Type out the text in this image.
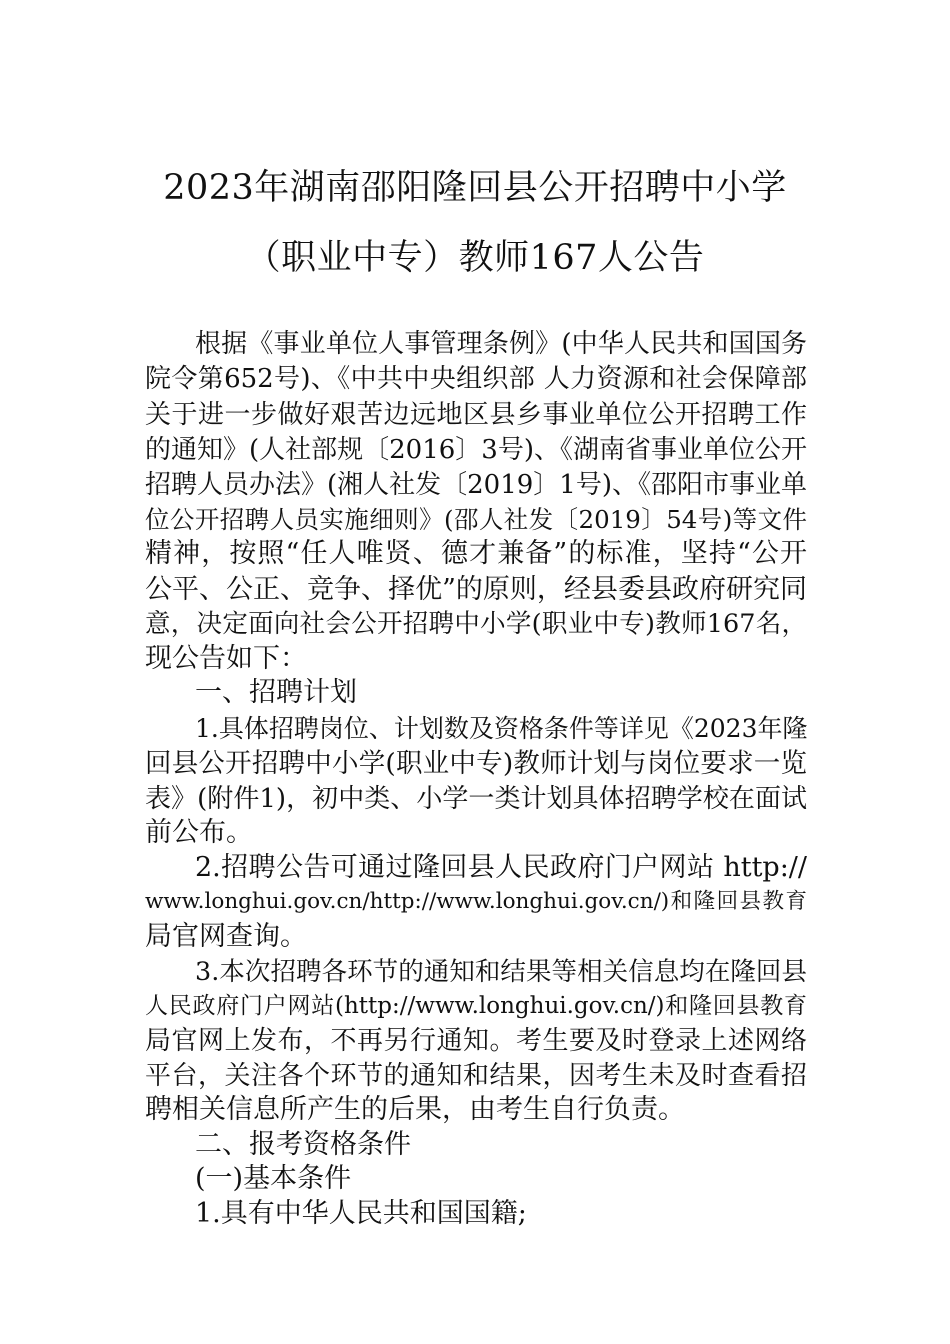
2023年湖南邵阳隆回县公开招聘中小学
（职业中专）教师167人公告
根据《事业单位人事管理条例》(中华人民共和国国务
院令第652号)、《中共中央组织部 人力资源和社会保障部
关于进一步做好艰苦边远地区县乡事业单位公开招聘工作
的通知》(人社部规〔2016〕3号)、《湖南省事业单位公开
招聘人员办法》(湘人社发〔2019〕1号)、《邵阳市事业单
位公开招聘人员实施细则》(邵人社发〔2019〕54号)等文件
精神，按照“任人唯贤、德才兼备”的标准，坚持“公开
公平、公正、竞争、择优”的原则，经县委县政府研究同
意，决定面向社会公开招聘中小学(职业中专)教师167名，
现公告如下：
一、招聘计划
1.具体招聘岗位、计划数及资格条件等详见《2023年隆
回县公开招聘中小学(职业中专)教师计划与岗位要求一览
表》(附件1)，初中类、小学一类计划具体招聘学校在面试
前公布。
2.招聘公告可通过隆回县人民政府门户网站 http://
www.longhui.gov.cn/http://www.longhui.gov.cn/)和隆回县教育
局官网查询。
3.本次招聘各环节的通知和结果等相关信息均在隆回县
人民政府门户网站(http://www.longhui.gov.cn/)和隆回县教育
局官网上发布，不再另行通知。考生要及时登录上述网络
平台，关注各个环节的通知和结果，因考生未及时查看招
聘相关信息所产生的后果，由考生自行负责。
二、报考资格条件
(一)基本条件
1.具有中华人民共和国国籍;
